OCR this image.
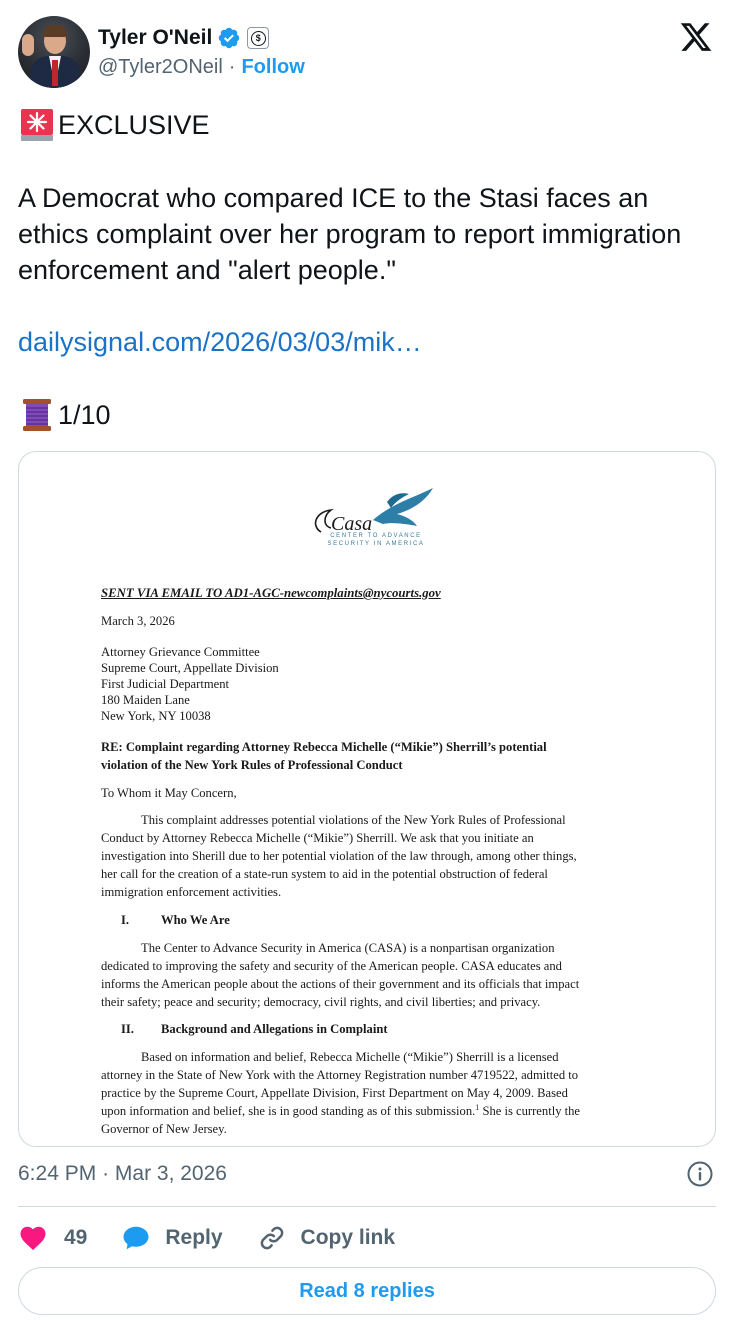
Tyler O'Neil	$
@Tyler2ONeil · Follow
EXCLUSIVE

A Democrat who compared ICE to the Stasi faces an ethics complaint over her program to report immigration enforcement and "alert people."

dailysignal.com/2026/03/03/mik…

1/10
Casa
CENTER TO ADVANCE
SECURITY IN AMERICA
SENT VIA EMAIL TO AD1-AGC-newcomplaints@nycourts.gov
March 3, 2026
Attorney Grievance Committee
Supreme Court, Appellate Division
First Judicial Department
180 Maiden Lane
New York, NY 10038
RE: Complaint regarding Attorney Rebecca Michelle (“Mikie”) Sherrill’s potential
violation of the New York Rules of Professional Conduct
To Whom it May Concern,
This complaint addresses potential violations of the New York Rules of Professional
Conduct by Attorney Rebecca Michelle (“Mikie”) Sherrill. We ask that you initiate an
investigation into Sherill due to her potential violation of the law through, among other things,
her call for the creation of a state-run system to aid in the potential obstruction of federal
immigration enforcement activities.
I.	Who We Are
The Center to Advance Security in America (CASA) is a nonpartisan organization
dedicated to improving the safety and security of the American people. CASA educates and
informs the American people about the actions of their government and its officials that impact
their safety; peace and security; democracy, civil rights, and civil liberties; and privacy.
II. Background and Allegations in Complaint
Based on information and belief, Rebecca Michelle (“Mikie”) Sherrill is a licensed
attorney in the State of New York with the Attorney Registration number 4719522, admitted to
practice by the Supreme Court, Appellate Division, First Department on May 4, 2009. Based
upon information and belief, she is in good standing as of this submission.$^1$ She is currently the
Governor of New Jersey.
6:24 PM · Mar 3, 2026
49	Reply	Copy link
Read 8 replies
